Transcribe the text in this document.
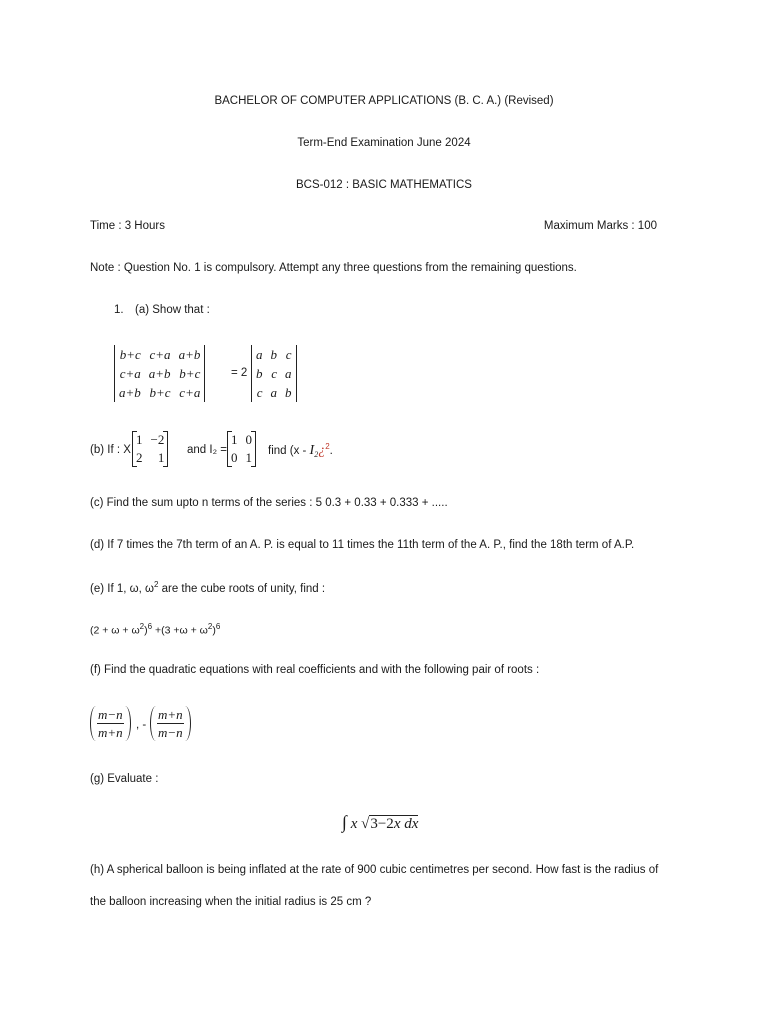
BACHELOR OF COMPUTER APPLICATIONS (B. C. A.) (Revised)
Term-End Examination June 2024
BCS-012 : BASIC MATHEMATICS
Time : 3 Hours	Maximum Marks : 100
Note : Question No. 1 is compulsory. Attempt any three questions from the remaining questions.
1. (a) Show that :
b+c	c+a	a+b
c+a	a+b	b+c
a+b	b+c	c+a
= 2
a	b	c
b	c	a
c	a	b
(b) If : X
1	−2
2	1 and I₂ =
1	0
0	1 find ($x - I_2¿^2$.
(c) Find the sum upto n terms of the series : 5 0.3 + 0.33 + 0.333 + .....
(d) If 7 times the 7th term of an A. P. is equal to 11 times the 11th term of the A. P., find the 18th term of A.P.
(e) If 1, ω, $\omega^2$ are the cube roots of unity, find :
$(2 + \omega + \omega^2)^6 +(3 +\omega + \omega^2)^6$
(f) Find the quadratic equations with real coefficients and with the following pair of roots :
$\frac{m-n}{m+n}$ , - $\frac{m+n}{m-n}$
(g) Evaluate :
∫ x √3−2x dx
(h) A spherical balloon is being inflated at the rate of 900 cubic centimetres per second. How fast is the radius of
the balloon increasing when the initial radius is 25 cm ?
